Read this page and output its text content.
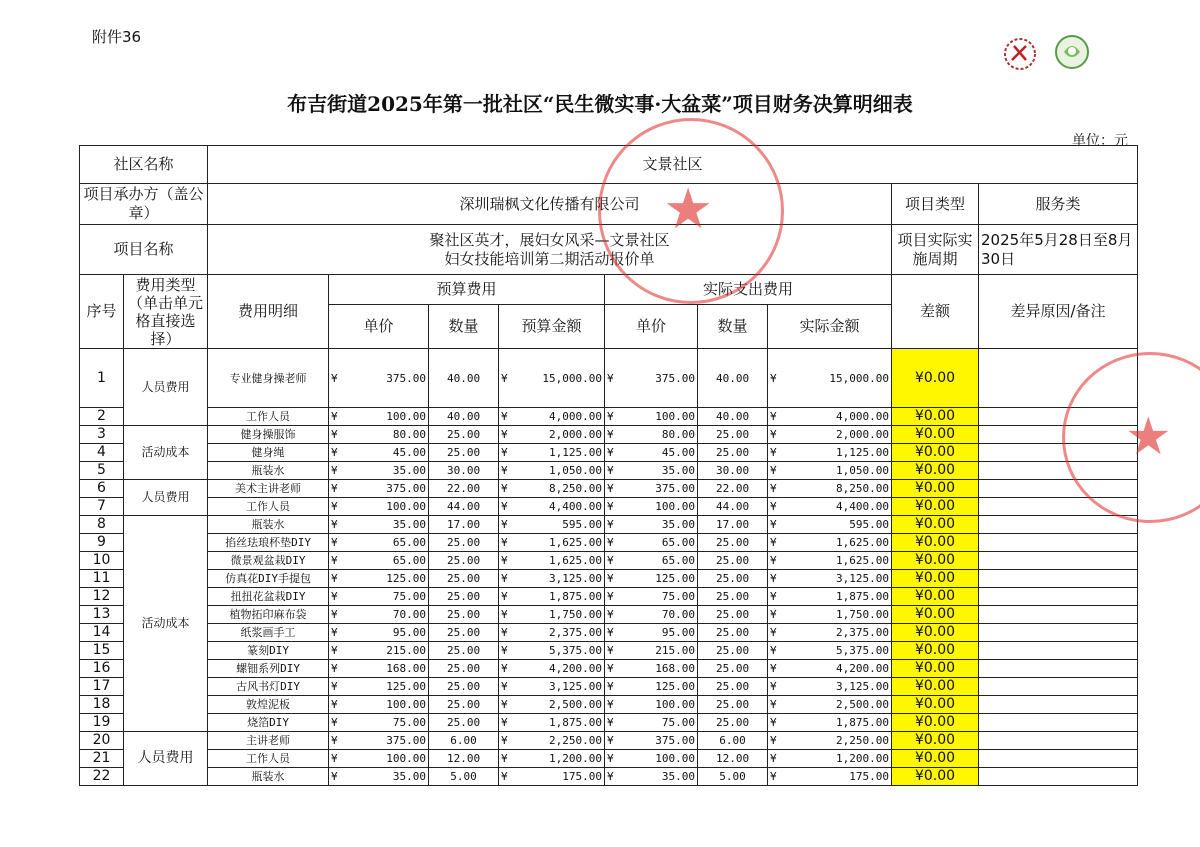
附件36
布吉街道2025年第一批社区“民生微实事·大盆菜”项目财务决算明细表
单位：元
社区名称		文景社区								
项目承办方（盖公章）		深圳瑞枫文化传播有限公司							项目类型	服务类
项目名称		聚社区英才，展妇女风采—文景社区
妇女技能培训第二期活动报价单							项目实际实施周期	2025年5月28日至8月30日
序号	费用类型（单击单元格直接选择）	费用明细	预算费用			实际支出费用			差额	差异原因/备注
			单价	数量	预算金额	单价	数量	实际金额		
1	人员费用	专业健身操老师	¥ 375.00	40.00	¥ 15,000.00	¥ 375.00	40.00	¥ 15,000.00	¥0.00	
2		工作人员	¥ 100.00	40.00	¥ 4,000.00	¥ 100.00	40.00	¥ 4,000.00	¥0.00	
3	活动成本	健身操服饰	¥ 80.00	25.00	¥ 2,000.00	¥ 80.00	25.00	¥ 2,000.00	¥0.00	
4		健身绳	¥ 45.00	25.00	¥ 1,125.00	¥ 45.00	25.00	¥ 1,125.00	¥0.00	
5		瓶装水	¥ 35.00	30.00	¥ 1,050.00	¥ 35.00	30.00	¥ 1,050.00	¥0.00	
6	人员费用	美术主讲老师	¥ 375.00	22.00	¥ 8,250.00	¥ 375.00	22.00	¥ 8,250.00	¥0.00	
7		工作人员	¥ 100.00	44.00	¥ 4,400.00	¥ 100.00	44.00	¥ 4,400.00	¥0.00	
8	活动成本	瓶装水	¥ 35.00	17.00	¥ 595.00	¥ 35.00	17.00	¥ 595.00	¥0.00	
9		掐丝珐琅杯垫DIY	¥ 65.00	25.00	¥ 1,625.00	¥ 65.00	25.00	¥ 1,625.00	¥0.00	
10		微景观盆栽DIY	¥ 65.00	25.00	¥ 1,625.00	¥ 65.00	25.00	¥ 1,625.00	¥0.00	
11		仿真花DIY手提包	¥ 125.00	25.00	¥ 3,125.00	¥ 125.00	25.00	¥ 3,125.00	¥0.00	
12		扭扭花盆栽DIY	¥ 75.00	25.00	¥ 1,875.00	¥ 75.00	25.00	¥ 1,875.00	¥0.00	
13		植物拓印麻布袋	¥ 70.00	25.00	¥ 1,750.00	¥ 70.00	25.00	¥ 1,750.00	¥0.00	
14		纸浆画手工	¥ 95.00	25.00	¥ 2,375.00	¥ 95.00	25.00	¥ 2,375.00	¥0.00	
15		篆刻DIY	¥ 215.00	25.00	¥ 5,375.00	¥ 215.00	25.00	¥ 5,375.00	¥0.00	
16		螺钿系列DIY	¥ 168.00	25.00	¥ 4,200.00	¥ 168.00	25.00	¥ 4,200.00	¥0.00	
17		古风书灯DIY	¥ 125.00	25.00	¥ 3,125.00	¥ 125.00	25.00	¥ 3,125.00	¥0.00	
18		敦煌泥板	¥ 100.00	25.00	¥ 2,500.00	¥ 100.00	25.00	¥ 2,500.00	¥0.00	
19		烧箔DIY	¥ 75.00	25.00	¥ 1,875.00	¥ 75.00	25.00	¥ 1,875.00	¥0.00	
20	人员费用	主讲老师	¥ 375.00	6.00	¥ 2,250.00	¥ 375.00	6.00	¥ 2,250.00	¥0.00	
21		工作人员	¥ 100.00	12.00	¥ 1,200.00	¥ 100.00	12.00	¥ 1,200.00	¥0.00	
22		瓶装水	¥ 35.00	5.00	¥ 175.00	¥ 35.00	5.00	¥ 175.00	¥0.00	
★
★
